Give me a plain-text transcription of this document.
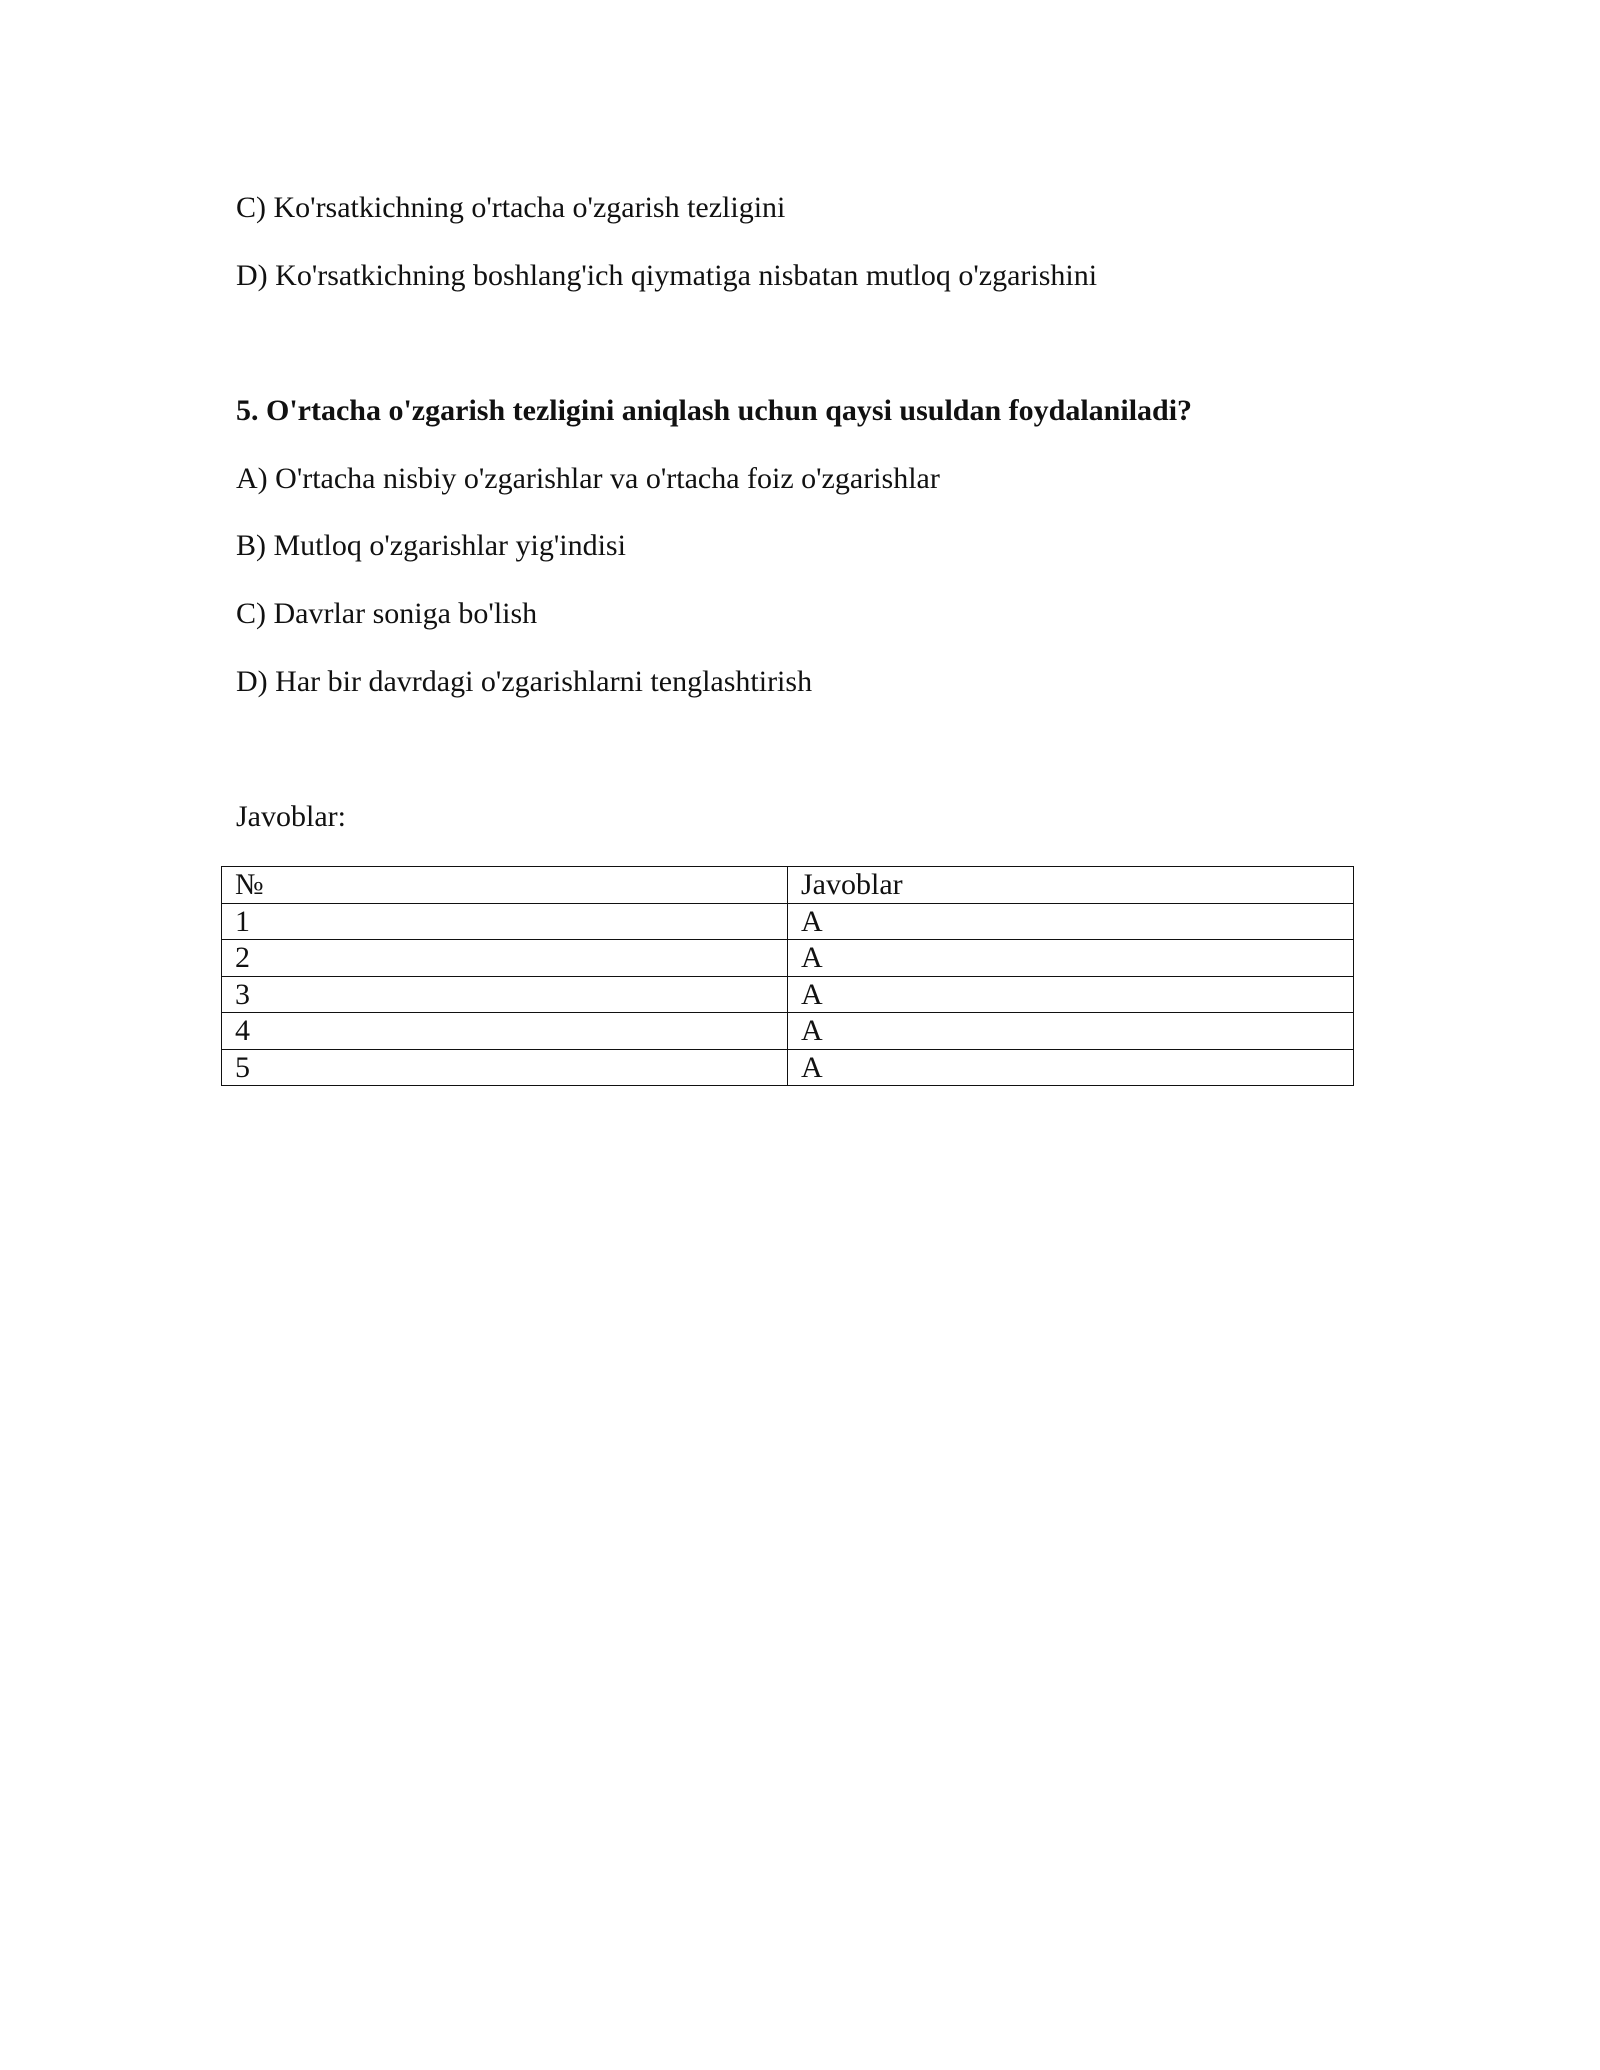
C) Ko'rsatkichning o'rtacha o'zgarish tezligini
D) Ko'rsatkichning boshlang'ich qiymatiga nisbatan mutloq o'zgarishini
5. O'rtacha o'zgarish tezligini aniqlash uchun qaysi usuldan foydalaniladi?
A) O'rtacha nisbiy o'zgarishlar va o'rtacha foiz o'zgarishlar
B) Mutloq o'zgarishlar yig'indisi
C) Davrlar soniga bo'lish
D) Har bir davrdagi o'zgarishlarni tenglashtirish
Javoblar:
№	Javoblar
1	A
2	A
3	A
4	A
5	A
